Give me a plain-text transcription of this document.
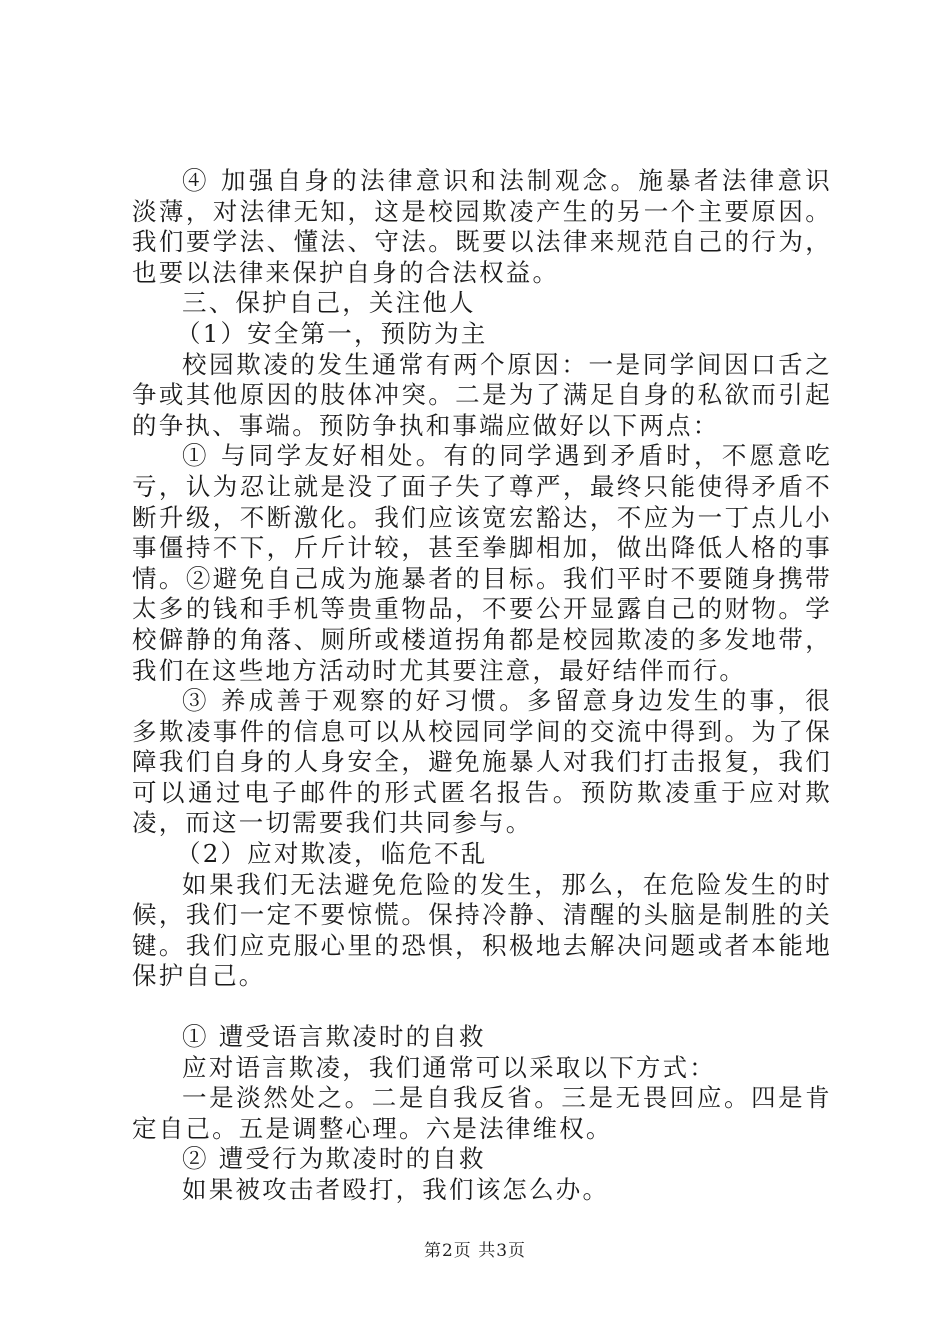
④ 加强自身的法律意识和法制观念。施暴者法律意识淡薄，对法律无知，这是校园欺凌产生的另一个主要原因。我们要学法、懂法、守法。既要以法律来规范自己的行为，也要以法律来保护自身的合法权益。

三、保护自己，关注他人

（1）安全第一，预防为主

校园欺凌的发生通常有两个原因：一是同学间因口舌之争或其他原因的肢体冲突。二是为了满足自身的私欲而引起的争执、事端。预防争执和事端应做好以下两点：

① 与同学友好相处。有的同学遇到矛盾时，不愿意吃亏，认为忍让就是没了面子失了尊严，最终只能使得矛盾不断升级，不断激化。我们应该宽宏豁达，不应为一丁点儿小事僵持不下，斤斤计较，甚至拳脚相加，做出降低人格的事情。②避免自己成为施暴者的目标。我们平时不要随身携带太多的钱和手机等贵重物品，不要公开显露自己的财物。学校僻静的角落、厕所或楼道拐角都是校园欺凌的多发地带，我们在这些地方活动时尤其要注意，最好结伴而行。

③ 养成善于观察的好习惯。多留意身边发生的事，很多欺凌事件的信息可以从校园同学间的交流中得到。为了保障我们自身的人身安全，避免施暴人对我们打击报复，我们可以通过电子邮件的形式匿名报告。预防欺凌重于应对欺凌，而这一切需要我们共同参与。

（2）应对欺凌，临危不乱

如果我们无法避免危险的发生，那么，在危险发生的时候，我们一定不要惊慌。保持冷静、清醒的头脑是制胜的关键。我们应克服心里的恐惧，积极地去解决问题或者本能地保护自己。

① 遭受语言欺凌时的自救

应对语言欺凌，我们通常可以采取以下方式：

一是淡然处之。二是自我反省。三是无畏回应。四是肯定自己。五是调整心理。六是法律维权。

② 遭受行为欺凌时的自救

如果被攻击者殴打，我们该怎么办。

第2页 共3页
